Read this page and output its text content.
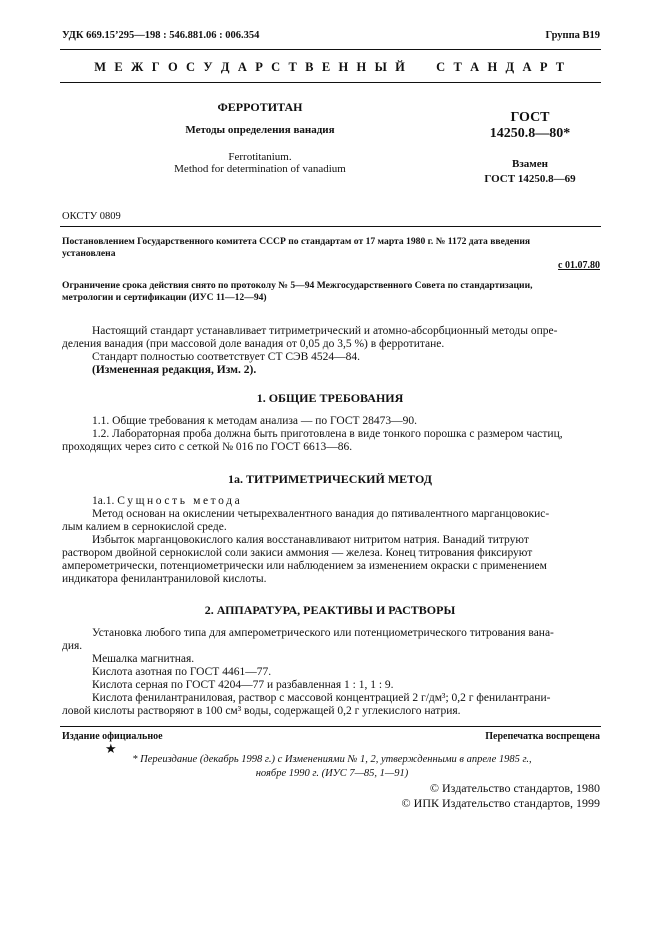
УДК 669.15’295—198 : 546.881.06 : 006.354	Группа В19
М Е Ж Г О С У Д А Р С Т В Е Н Н Ы Й     С Т А Н Д А Р Т
ФЕРРОТИТАН
Методы определения ванадия
Ferrotitanium.
Method for determination of vanadium
ГОСТ
14250.8—80*
Взамен
ГОСТ 14250.8—69
ОКСТУ 0809
Постановлением Государственного комитета СССР по стандартам от 17 марта 1980 г. № 1172 дата введения
установлена
с 01.07.80
Ограничение срока действия снято по протоколу № 5—94 Межгосударственного Совета по стандартизации,
метрологии и сертификации (ИУС 11—12—94)
Настоящий стандарт устанавливает титриметрический и атомно-абсорбционный методы опре-
деления ванадия (при массовой доле ванадия от 0,05 до 3,5 %) в ферротитане.
Стандарт полностью соответствует СТ СЭВ 4524—84.
(Измененная редакция, Изм. 2).
1. ОБЩИЕ ТРЕБОВАНИЯ
1.1. Общие требования к методам анализа — по ГОСТ 28473—90.
1.2. Лабораторная проба должна быть приготовлена в виде тонкого порошка с размером частиц,
проходящих через сито с сеткой № 016 по ГОСТ 6613—86.
1а. ТИТРИМЕТРИЧЕСКИЙ МЕТОД
1а.1. Сущность метода
Метод основан на окислении четырехвалентного ванадия до пятивалентного марганцовокис-
лым калием в сернокислой среде.
Избыток марганцовокислого калия восстанавливают нитритом натрия. Ванадий титруют
раствором двойной сернокислой соли закиси аммония — железа. Конец титрования фиксируют
амперометрически, потенциометрически или наблюдением за изменением окраски с применением
индикатора фенилантраниловой кислоты.
2. АППАРАТУРА, РЕАКТИВЫ И РАСТВОРЫ
Установка любого типа для амперометрического или потенциометрического титрования вана-
дия.
Мешалка магнитная.
Кислота азотная по ГОСТ 4461—77.
Кислота серная по ГОСТ 4204—77 и разбавленная 1 : 1, 1 : 9.
Кислота фенилантраниловая, раствор с массовой концентрацией 2 г/дм³; 0,2 г фенилантрани-
ловой кислоты растворяют в 100 см³ воды, содержащей 0,2 г углекислого натрия.
Издание официальное	Перепечатка воспрещена
★
* Переиздание (декабрь 1998 г.) с Изменениями № 1, 2, утвержденными в апреле 1985 г.,
ноябре 1990 г. (ИУС 7—85, 1—91)
© Издательство стандартов, 1980
© ИПК Издательство стандартов, 1999
